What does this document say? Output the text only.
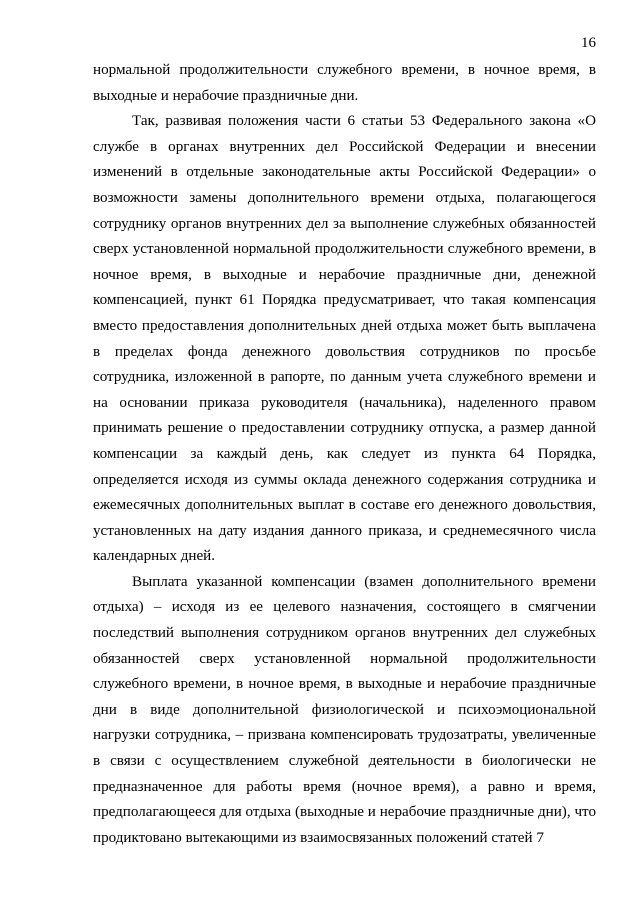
16

нормальной продолжительности служебного времени, в ночное время, в выходные и нерабочие праздничные дни.

Так, развивая положения части 6 статьи 53 Федерального закона «О службе в органах внутренних дел Российской Федерации и внесении изменений в отдельные законодательные акты Российской Федерации» о возможности замены дополнительного времени отдыха, полагающегося сотруднику органов внутренних дел за выполнение служебных обязанностей сверх установленной нормальной продолжительности служебного времени, в ночное время, в выходные и нерабочие праздничные дни, денежной компенсацией, пункт 61 Порядка предусматривает, что такая компенсация вместо предоставления дополнительных дней отдыха может быть выплачена в пределах фонда денежного довольствия сотрудников по просьбе сотрудника, изложенной в рапорте, по данным учета служебного времени и на основании приказа руководителя (начальника), наделенного правом принимать решение о предоставлении сотруднику отпуска, а размер данной компенсации за каждый день, как следует из пункта 64 Порядка, определяется исходя из суммы оклада денежного содержания сотрудника и ежемесячных дополнительных выплат в составе его денежного довольствия, установленных на дату издания данного приказа, и среднемесячного числа календарных дней.

Выплата указанной компенсации (взамен дополнительного времени отдыха) – исходя из ее целевого назначения, состоящего в смягчении последствий выполнения сотрудником органов внутренних дел служебных обязанностей сверх установленной нормальной продолжительности служебного времени, в ночное время, в выходные и нерабочие праздничные дни в виде дополнительной физиологической и психоэмоциональной нагрузки сотрудника, – призвана компенсировать трудозатраты, увеличенные в связи с осуществлением служебной деятельности в биологически не предназначенное для работы время (ночное время), а равно и время, предполагающееся для отдыха (выходные и нерабочие праздничные дни), что продиктовано вытекающими из взаимосвязанных положений статей 7
